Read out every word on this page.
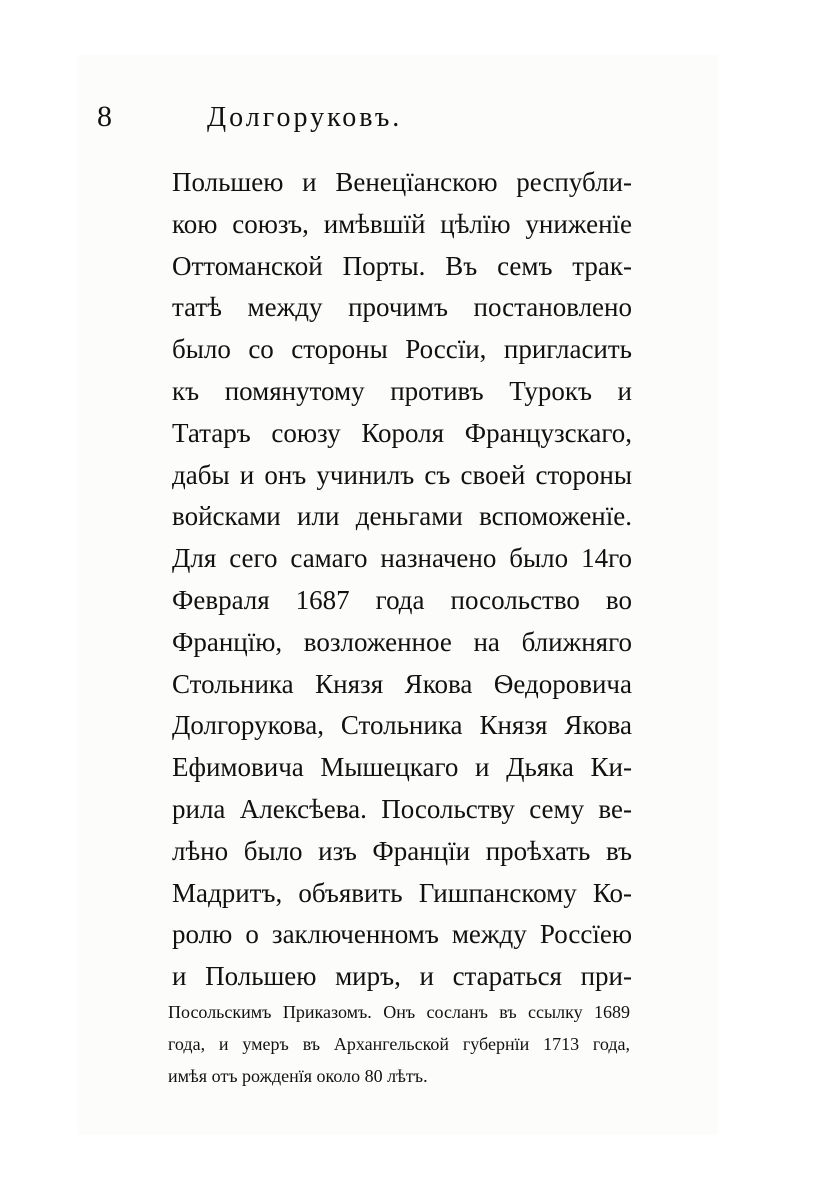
8	Долгоруковъ.
Польшею и Венецїанскою республи-
кою союзъ, имѣвшїй цѣлїю униженїе
Оттоманской Порты. Въ семъ трак-
татѣ между прочимъ постановлено
было со стороны Россїи, пригласить
къ помянутому противъ Турокъ и
Татаръ союзу Короля Французскаго,
дабы и онъ учинилъ съ своей стороны
войсками или деньгами вспоможенїе.
Для сего самаго назначено было 14го
Февраля 1687 года посольство во
Францїю, возложенное на ближняго
Стольника Князя Якова Ѳедоровича
Долгорукова, Стольника Князя Якова
Ефимовича Мышецкаго и Дьяка Ки-
рила Алексѣева. Посольству сему ве-
лѣно было изъ Францїи проѣхать въ
Мадритъ, объявить Гишпанскому Ко-
ролю о заключенномъ между Россїею
и Польшею миръ, и стараться при-
Посольскимъ Приказомъ. Онъ сосланъ въ ссылку 1689
года, и умеръ въ Архангельской губернїи 1713 года,
имѣя отъ рожденїя около 80 лѣтъ.
